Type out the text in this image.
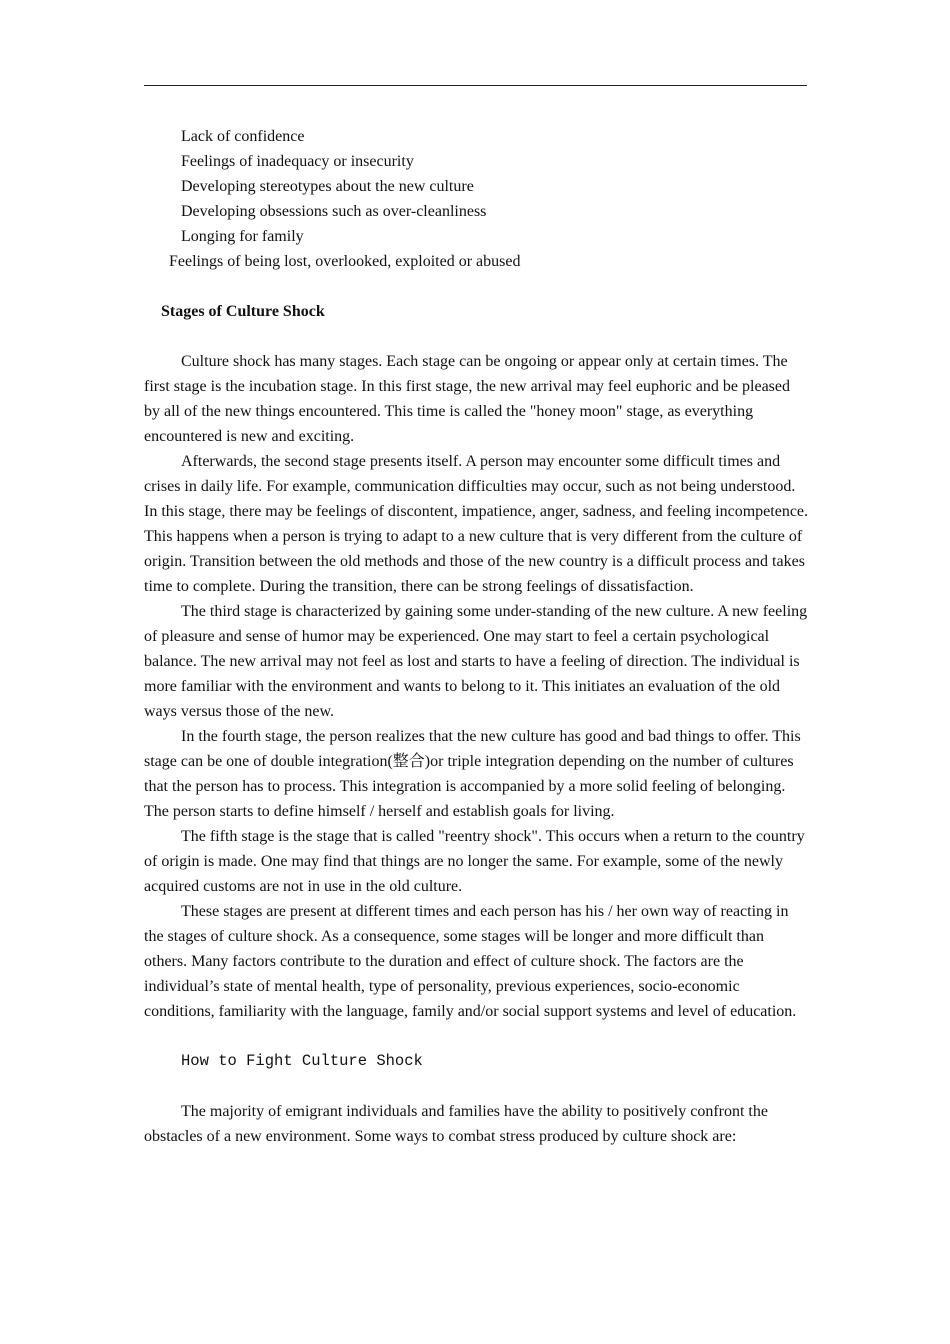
Lack of confidence
Feelings of inadequacy or insecurity
Developing stereotypes about the new culture
Developing obsessions such as over-cleanliness
Longing for family
Feelings of being lost, overlooked, exploited or abused
Stages of Culture Shock

Culture shock has many stages. Each stage can be ongoing or appear only at certain times. The first stage is the incubation stage. In this first stage, the new arrival may feel euphoric and be pleased by all of the new things encountered. This time is called the "honey moon" stage, as everything encountered is new and exciting.

Afterwards, the second stage presents itself. A person may encounter some difficult times and crises in daily life. For example, communication difficulties may occur, such as not being understood. In this stage, there may be feelings of discontent, impatience, anger, sadness, and feeling incompetence. This happens when a person is trying to adapt to a new culture that is very different from the culture of origin. Transition between the old methods and those of the new country is a difficult process and takes time to complete. During the transition, there can be strong feelings of dissatisfaction.

The third stage is characterized by gaining some under-standing of the new culture. A new feeling of pleasure and sense of humor may be experienced. One may start to feel a certain psychological balance. The new arrival may not feel as lost and starts to have a feeling of direction. The individual is more familiar with the environment and wants to belong to it. This initiates an evaluation of the old ways versus those of the new.

In the fourth stage, the person realizes that the new culture has good and bad things to offer. This stage can be one of double integration(整合)or triple integration depending on the number of cultures that the person has to process. This integration is accompanied by a more solid feeling of belonging. The person starts to define himself / herself and establish goals for living.

The fifth stage is the stage that is called "reentry shock". This occurs when a return to the country of origin is made. One may find that things are no longer the same. For example, some of the newly acquired customs are not in use in the old culture.

These stages are present at different times and each person has his / her own way of reacting in the stages of culture shock. As a consequence, some stages will be longer and more difficult than others. Many factors contribute to the duration and effect of culture shock. The factors are the individual’s state of mental health, type of personality, previous experiences, socio-economic conditions, familiarity with the language, family and/or social support systems and level of education.

How to Fight Culture Shock

The majority of emigrant individuals and families have the ability to positively confront the obstacles of a new environment. Some ways to combat stress produced by culture shock are:
